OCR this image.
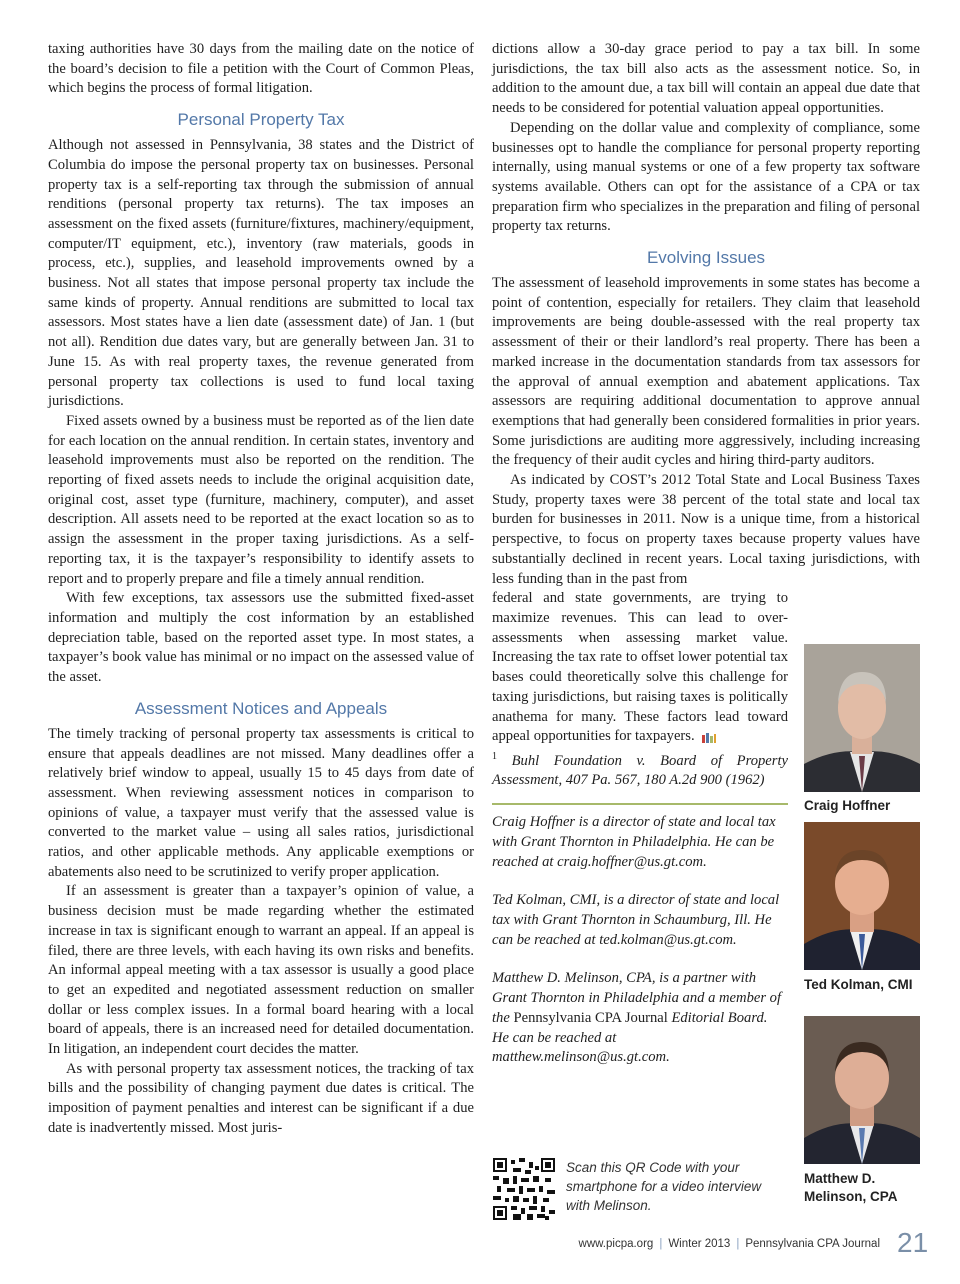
taxing authorities have 30 days from the mailing date on the notice of the board’s decision to file a petition with the Court of Common Pleas, which begins the process of formal litigation.

Personal Property Tax

Although not assessed in Pennsylvania, 38 states and the District of Columbia do impose the personal property tax on businesses. Personal property tax is a self-reporting tax through the submission of annual renditions (personal property tax returns). The tax imposes an assessment on the fixed assets (furniture/fixtures, machinery/equipment, computer/IT equipment, etc.), inventory (raw materials, goods in process, etc.), supplies, and leasehold improvements owned by a business. Not all states that impose personal property tax include the same kinds of property. Annual renditions are submitted to local tax assessors. Most states have a lien date (assessment date) of Jan. 1 (but not all). Rendition due dates vary, but are generally between Jan. 31 to June 15. As with real property taxes, the revenue generated from personal property tax collections is used to fund local taxing jurisdictions.

Fixed assets owned by a business must be reported as of the lien date for each location on the annual rendition. In certain states, inventory and leasehold improvements must also be reported on the rendition. The reporting of fixed assets needs to include the original acquisition date, original cost, asset type (furniture, machinery, computer), and asset description. All assets need to be reported at the exact location so as to assign the assessment in the proper taxing jurisdictions. As a self-reporting tax, it is the taxpayer’s responsibility to identify assets to report and to properly prepare and file a timely annual rendition.

With few exceptions, tax assessors use the submitted fixed-asset information and multiply the cost information by an established depreciation table, based on the reported asset type. In most states, a taxpayer’s book value has minimal or no impact on the assessed value of the asset.

Assessment Notices and Appeals

The timely tracking of personal property tax assessments is critical to ensure that appeals deadlines are not missed. Many deadlines offer a relatively brief window to appeal, usually 15 to 45 days from date of assessment. When reviewing assessment notices in comparison to opinions of value, a taxpayer must verify that the assessed value is converted to the market value – using all sales ratios, jurisdictional ratios, and other applicable methods. Any applicable exemptions or abatements also need to be scrutinized to verify proper application.

If an assessment is greater than a taxpayer’s opinion of value, a business decision must be made regarding whether the estimated increase in tax is significant enough to warrant an appeal. If an appeal is filed, there are three levels, with each having its own risks and benefits. An informal appeal meeting with a tax assessor is usually a good place to get an expedited and negotiated assessment reduction on smaller dollar or less complex issues. In a formal board hearing with a local board of appeals, there is an increased need for detailed documentation. In litigation, an independent court decides the matter.

As with personal property tax assessment notices, the tracking of tax bills and the possibility of changing payment due dates is critical. The imposition of payment penalties and interest can be significant if a due date is inadvertently missed. Most juris-

dictions allow a 30-day grace period to pay a tax bill. In some jurisdictions, the tax bill also acts as the assessment notice. So, in addition to the amount due, a tax bill will contain an appeal due date that needs to be considered for potential valuation appeal opportunities.

Depending on the dollar value and complexity of compliance, some businesses opt to handle the compliance for personal property reporting internally, using manual systems or one of a few property tax software systems available. Others can opt for the assistance of a CPA or tax preparation firm who specializes in the preparation and filing of personal property tax returns.

Evolving Issues

The assessment of leasehold improvements in some states has become a point of contention, especially for retailers. They claim that leasehold improvements are being double-assessed with the real property tax assessment of their or their landlord’s real property. There has been a marked increase in the documentation standards from tax assessors for the approval of annual exemption and abatement applications. Tax assessors are requiring additional documentation to approve annual exemptions that had generally been considered formalities in prior years. Some jurisdictions are auditing more aggressively, including increasing the frequency of their audit cycles and hiring third-party auditors.

As indicated by COST’s 2012 Total State and Local Business Taxes Study, property taxes were 38 percent of the total state and local tax burden for businesses in 2011. Now is a unique time, from a historical perspective, to focus on property taxes because property values have substantially declined in recent years. Local taxing jurisdictions, with less funding than in the past from

federal and state governments, are trying to maximize revenues. This can lead to over-assessments when assessing market value. Increasing the tax rate to offset lower potential tax bases could theoretically solve this challenge for taxing jurisdictions, but raising taxes is politically anathema for many. These factors lead toward appeal opportunities for taxpayers.

$^1$ Buhl Foundation v. Board of Property Assessment, 407 Pa. 567, 180 A.2d 900 (1962)

Craig Hoffner is a director of state and local tax with Grant Thornton in Philadelphia. He can be reached at craig.hoffner@us.gt.com.

Ted Kolman, CMI, is a director of state and local tax with Grant Thornton in Schaumburg, Ill. He can be reached at ted.kolman@us.gt.com.

Matthew D. Melinson, CPA, is a partner with Grant Thornton in Philadelphia and a member of the Pennsylvania CPA Journal Editorial Board. He can be reached at matthew.melinson@us.gt.com.

Craig Hoffner
Ted Kolman, CMI
Matthew D.
Melinson, CPA
Scan this QR Code with your smartphone for a video interview with Melinson.
www.picpa.org | Winter 2013 | Pennsylvania CPA Journal 21
